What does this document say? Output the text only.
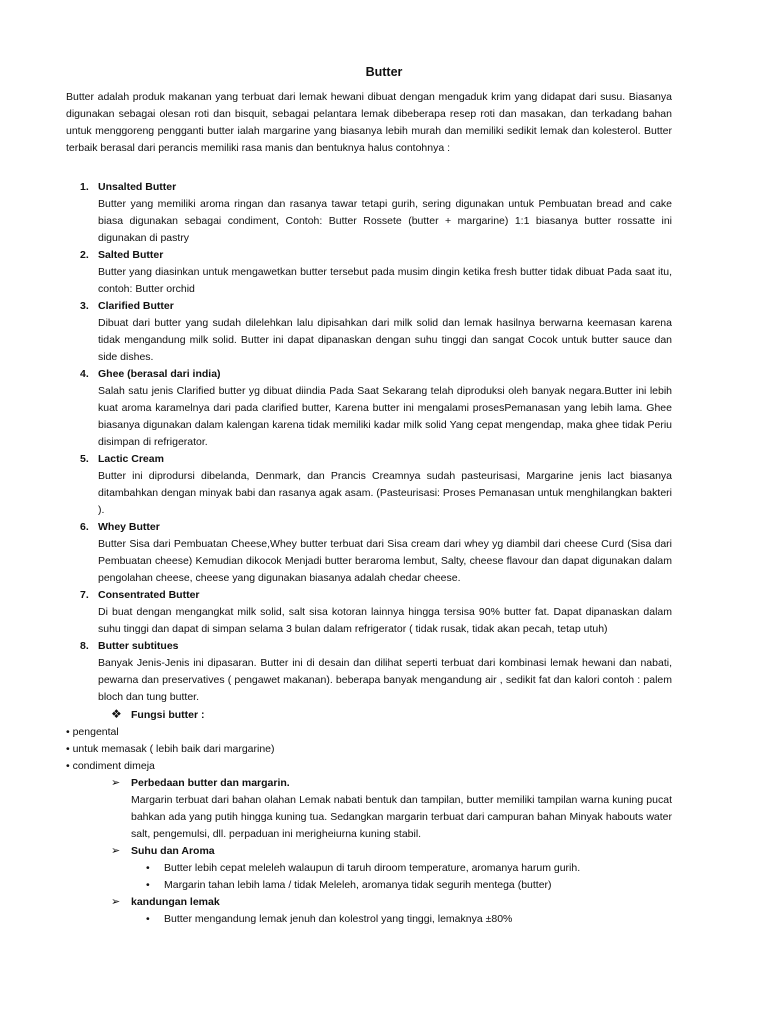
Butter

Butter adalah produk makanan yang terbuat dari lemak hewani dibuat dengan mengaduk krim yang didapat dari susu. Biasanya digunakan sebagai olesan roti dan bisquit, sebagai pelantara lemak dibeberapa resep roti dan masakan, dan terkadang bahan untuk menggoreng pengganti butter ialah margarine yang biasanya lebih murah dan memiliki sedikit lemak dan kolesterol. Butter terbaik berasal dari perancis memiliki rasa manis dan bentuknya halus contohnya :

1. Unsalted Butter

Butter yang memiliki aroma ringan dan rasanya tawar tetapi gurih, sering digunakan untuk Pembuatan bread and cake biasa digunakan sebagai condiment, Contoh: Butter Rossete (butter + margarine) 1:1 biasanya butter rossatte ini digunakan di pastry

2. Salted Butter

Butter yang diasinkan untuk mengawetkan butter tersebut pada musim dingin ketika fresh butter tidak dibuat Pada saat itu, contoh: Butter orchid

3. Clarified Butter

Dibuat dari butter yang sudah dilelehkan lalu dipisahkan dari milk solid dan lemak hasilnya berwarna keemasan karena tidak mengandung milk solid. Butter ini dapat dipanaskan dengan suhu tinggi dan sangat Cocok untuk butter sauce dan side dishes.

4. Ghee (berasal dari india)

Salah satu jenis Clarified butter yg dibuat diindia Pada Saat Sekarang telah diproduksi oleh banyak negara.Butter ini lebih kuat aroma karamelnya dari pada clarified butter, Karena butter ini mengalami prosesPemanasan yang lebih lama. Ghee biasanya digunakan dalam kalengan karena tidak memiliki kadar milk solid Yang cepat mengendap, maka ghee tidak Periu disimpan di refrigerator.

5. Lactic Cream

Butter ini diprodursi dibelanda, Denmark, dan Prancis Creamnya sudah pasteurisasi, Margarine jenis lact biasanya ditambahkan dengan minyak babi dan rasanya agak asam. (Pasteurisasi: Proses Pemanasan untuk menghilangkan bakteri ).

6. Whey Butter

Butter Sisa dari Pembuatan Cheese,Whey butter terbuat dari Sisa cream dari whey yg diambil dari cheese Curd (Sisa dari Pembuatan cheese) Kemudian dikocok Menjadi butter beraroma lembut, Salty, cheese flavour dan dapat digunakan dalam pengolahan cheese, cheese yang digunakan biasanya adalah chedar cheese.

7. Consentrated Butter

Di buat dengan mengangkat milk solid, salt sisa kotoran lainnya hingga tersisa 90% butter fat. Dapat dipanaskan dalam suhu tinggi dan dapat di simpan selama 3 bulan dalam refrigerator ( tidak rusak, tidak akan pecah, tetap utuh)

8. Butter subtitues

Banyak Jenis-Jenis ini dipasaran. Butter ini di desain dan dilihat seperti terbuat dari kombinasi lemak hewani dan nabati, pewarna dan preservatives ( pengawet makanan). beberapa banyak mengandung air , sedikit fat dan kalori contoh : palem bloch dan tung butter.

❖ Fungsi butter :

• pengental

• untuk memasak ( lebih baik dari margarine)

• condiment dimeja

➢ Perbedaan butter dan margarin.

Margarin terbuat dari bahan olahan Lemak nabati bentuk dan tampilan, butter memiliki tampilan warna kuning pucat bahkan ada yang putih hingga kuning tua. Sedangkan margarin terbuat dari campuran bahan Minyak habouts water salt, pengemulsi, dll. perpaduan ini merigheiurna kuning stabil.

➢ Suhu dan Aroma

• Butter lebih cepat meleleh walaupun di taruh diroom temperature, aromanya harum gurih.

• Margarin tahan lebih lama / tidak Meleleh, aromanya tidak segurih mentega (butter)

➢ kandungan lemak

• Butter mengandung lemak jenuh dan kolestrol yang tinggi, lemaknya ±80%
